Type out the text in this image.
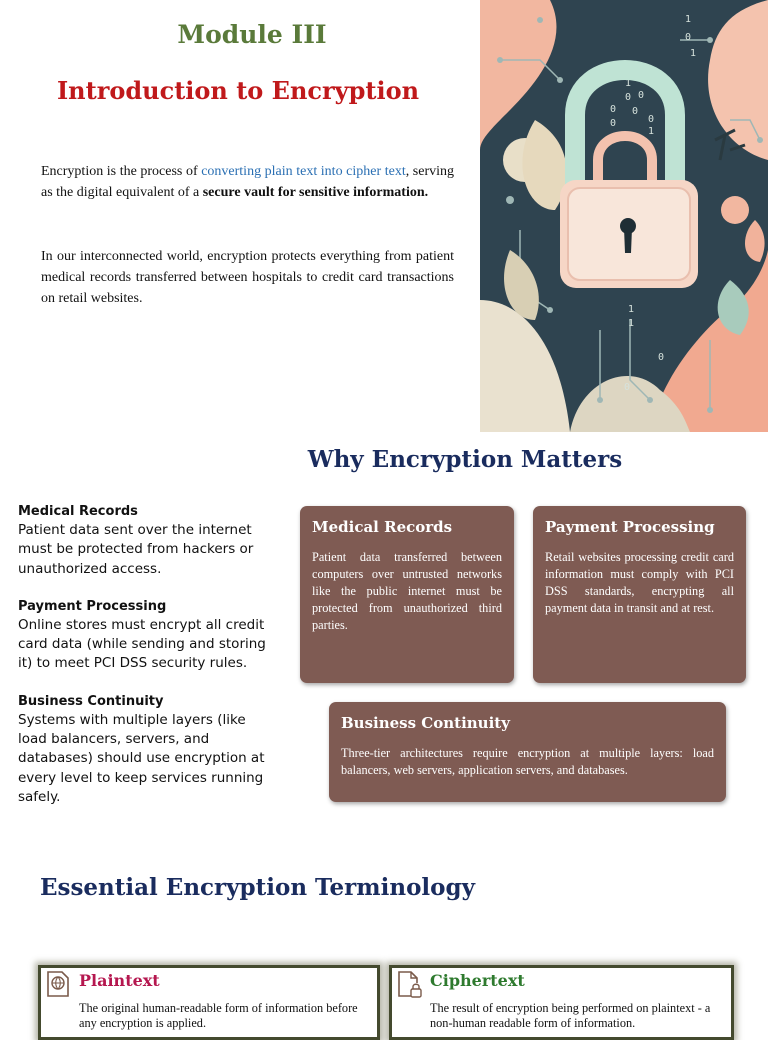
Module III
Introduction to Encryption
Encryption is the process of converting plain text into cipher text, serving as the digital equivalent of a secure vault for sensitive information.
In our interconnected world, encryption protects everything from patient medical records transferred between hospitals to credit card transactions on retail websites.
1
0
1
1
0 0
0 0
0
0
1
1
1
0
0
Why Encryption Matters
Medical Records
Patient data sent over the internet must be protected from hackers or unauthorized access.
Payment Processing
Online stores must encrypt all credit card data (while sending and storing it) to meet PCI DSS security rules.
Business Continuity
Systems with multiple layers (like load balancers, servers, and databases) should use encryption at every level to keep services running safely.
Medical Records
Patient data transferred between computers over untrusted networks like the public internet must be protected from unauthorized third parties.
Payment Processing
Retail websites processing credit card information must comply with PCI DSS standards, encrypting all payment data in transit and at rest.
Business Continuity
Three-tier architectures require encryption at multiple layers: load balancers, web servers, application servers, and databases.
Essential Encryption Terminology
Plaintext
The original human-readable form of information before any encryption is applied.
Ciphertext
The result of encryption being performed on plaintext - a non-human readable form of information.
